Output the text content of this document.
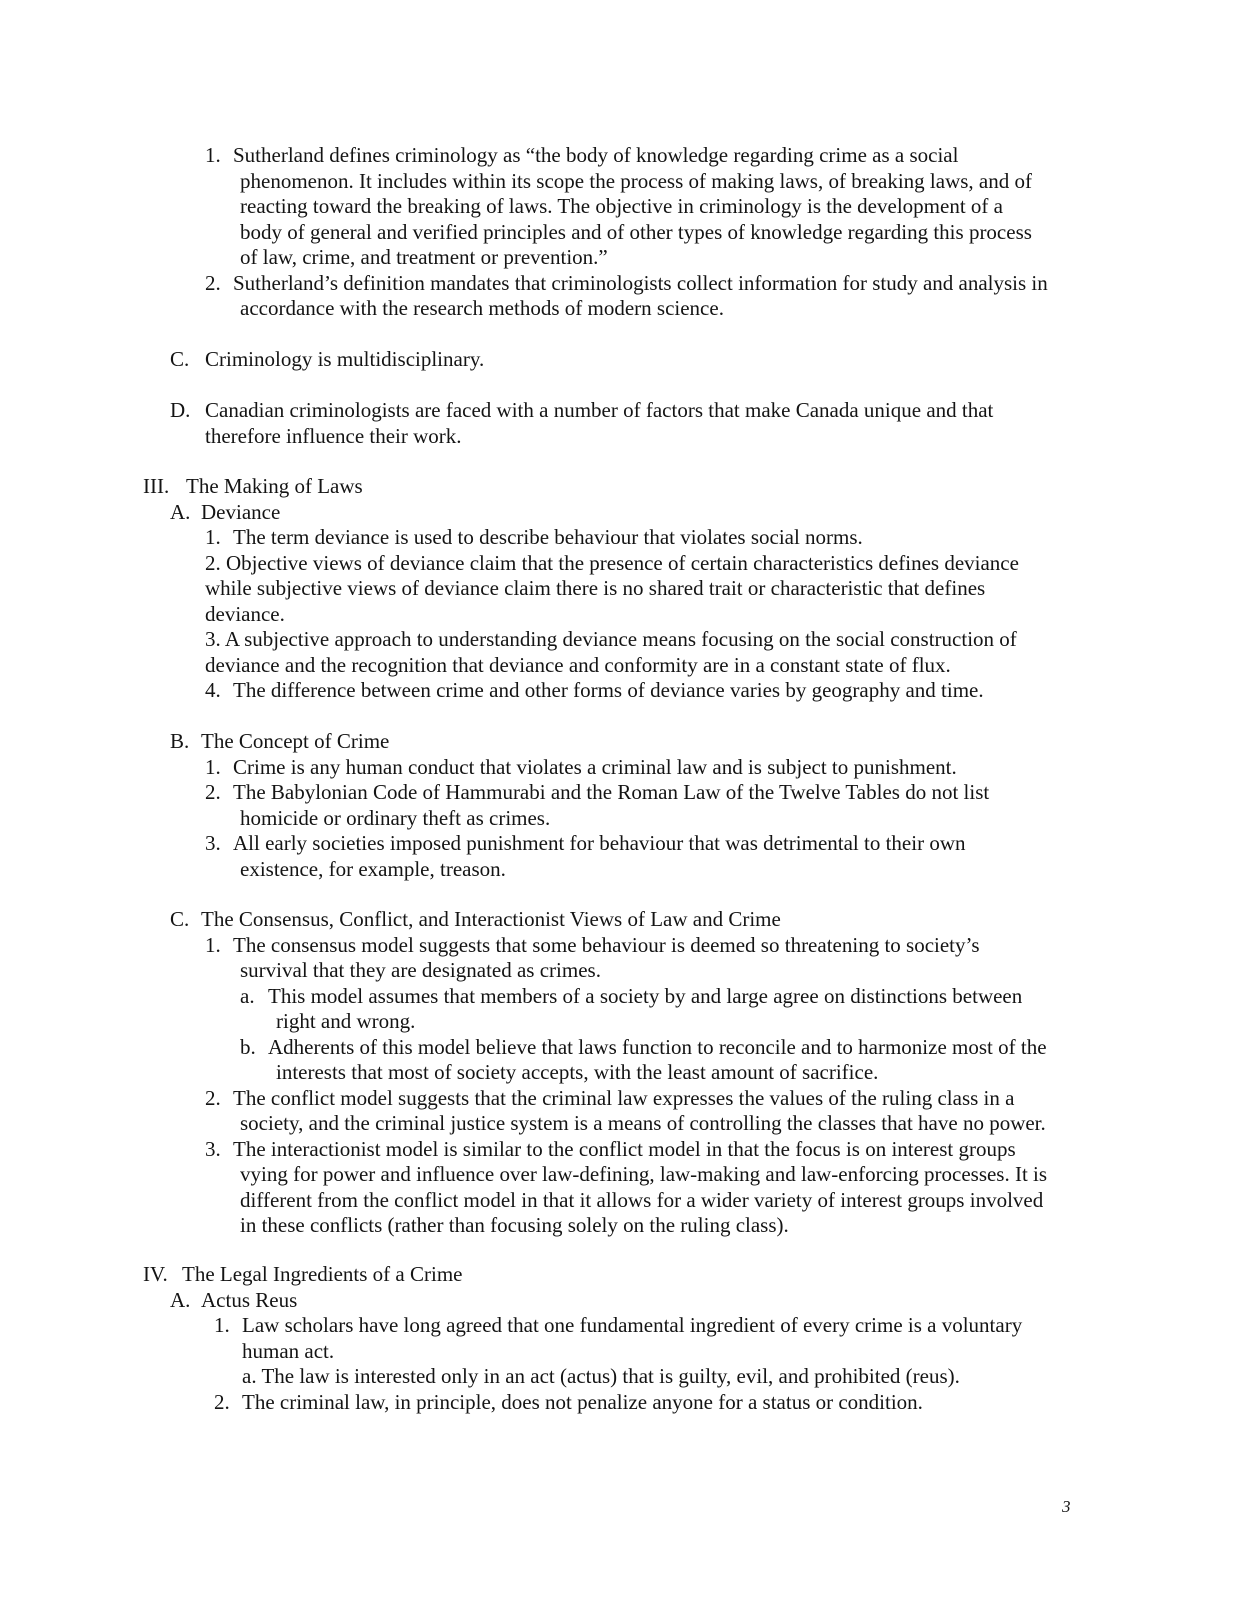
1. Sutherland defines criminology as “the body of knowledge regarding crime as a social

phenomenon. It includes within its scope the process of making laws, of breaking laws, and of

reacting toward the breaking of laws. The objective in criminology is the development of a

body of general and verified principles and of other types of knowledge regarding this process

of law, crime, and treatment or prevention.”

2. Sutherland’s definition mandates that criminologists collect information for study and analysis in

accordance with the research methods of modern science.

C. Criminology is multidisciplinary.

D. Canadian criminologists are faced with a number of factors that make Canada unique and that

therefore influence their work.

III. The Making of Laws

A. Deviance

1. The term deviance is used to describe behaviour that violates social norms.

2. Objective views of deviance claim that the presence of certain characteristics defines deviance

while subjective views of deviance claim there is no shared trait or characteristic that defines

deviance.

3. A subjective approach to understanding deviance means focusing on the social construction of

deviance and the recognition that deviance and conformity are in a constant state of flux.

4. The difference between crime and other forms of deviance varies by geography and time.

B. The Concept of Crime

1. Crime is any human conduct that violates a criminal law and is subject to punishment.

2. The Babylonian Code of Hammurabi and the Roman Law of the Twelve Tables do not list

homicide or ordinary theft as crimes.

3. All early societies imposed punishment for behaviour that was detrimental to their own

existence, for example, treason.

C. The Consensus, Conflict, and Interactionist Views of Law and Crime

1. The consensus model suggests that some behaviour is deemed so threatening to society’s

survival that they are designated as crimes.

a. This model assumes that members of a society by and large agree on distinctions between

right and wrong.

b. Adherents of this model believe that laws function to reconcile and to harmonize most of the

interests that most of society accepts, with the least amount of sacrifice.

2. The conflict model suggests that the criminal law expresses the values of the ruling class in a

society, and the criminal justice system is a means of controlling the classes that have no power.

3. The interactionist model is similar to the conflict model in that the focus is on interest groups

vying for power and influence over law-defining, law-making and law-enforcing processes. It is

different from the conflict model in that it allows for a wider variety of interest groups involved

in these conflicts (rather than focusing solely on the ruling class).

IV. The Legal Ingredients of a Crime

A. Actus Reus

1. Law scholars have long agreed that one fundamental ingredient of every crime is a voluntary

human act.

a. The law is interested only in an act (actus) that is guilty, evil, and prohibited (reus).

2. The criminal law, in principle, does not penalize anyone for a status or condition.

3
